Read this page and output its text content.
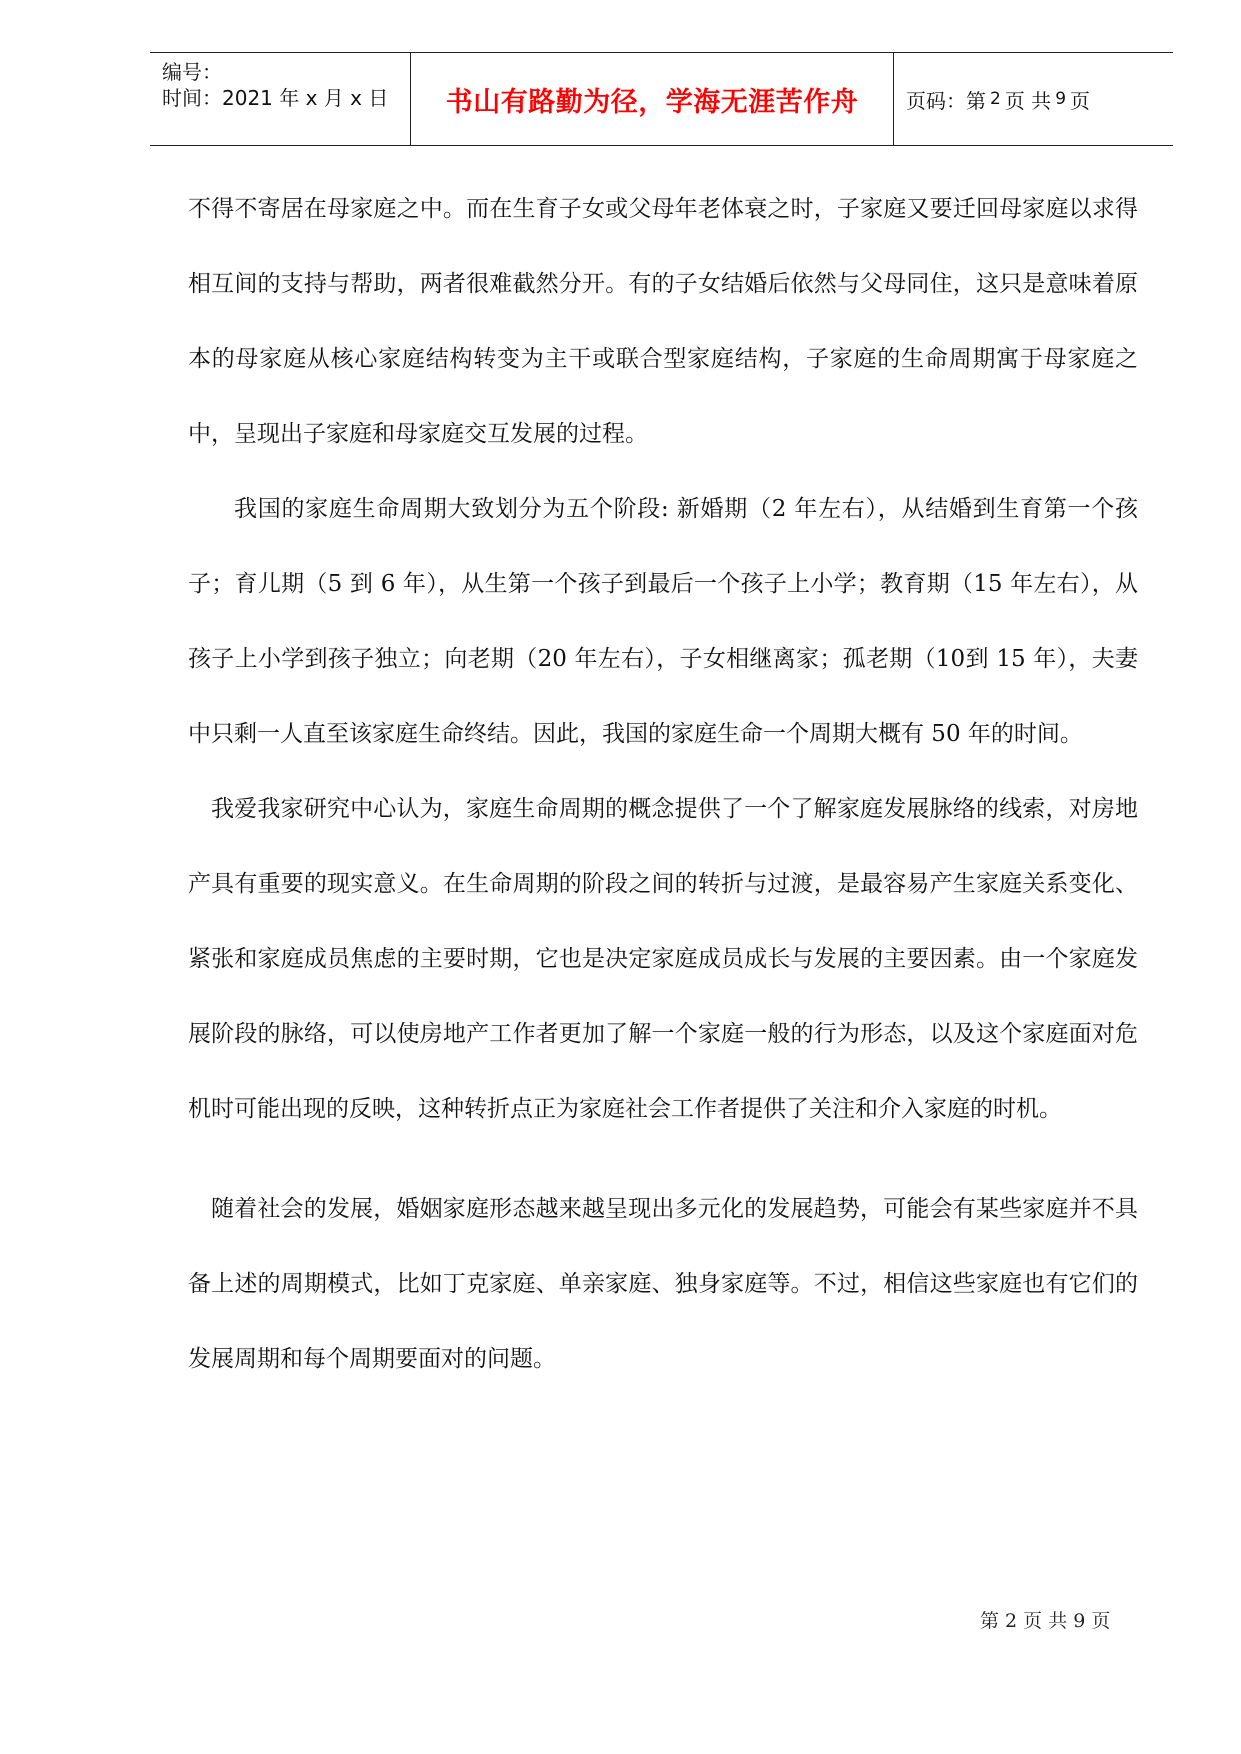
编号：
时间：2021 年 x 月 x 日	书山有路勤为径，学海无涯苦作舟 页码：第 2 页 共 9 页

不得不寄居在母家庭之中。而在生育子女或父母年老体衰之时，子家庭又要迁回母家庭以求得相互间的支持与帮助，两者很难截然分开。有的子女结婚后依然与父母同住，这只是意味着原本的母家庭从核心家庭结构转变为主干或联合型家庭结构，子家庭的生命周期寓于母家庭之中，呈现出子家庭和母家庭交互发展的过程。

我国的家庭生命周期大致划分为五个阶段: 新婚期（2 年左右），从结婚到生育第一个孩子；育儿期（5 到 6 年），从生第一个孩子到最后一个孩子上小学；教育期（15 年左右），从孩子上小学到孩子独立；向老期（20 年左右），子女相继离家；孤老期（10到 15 年），夫妻中只剩一人直至该家庭生命终结。因此，我国的家庭生命一个周期大概有 50 年的时间。

我爱我家研究中心认为，家庭生命周期的概念提供了一个了解家庭发展脉络的线索，对房地产具有重要的现实意义。在生命周期的阶段之间的转折与过渡，是最容易产生家庭关系变化、紧张和家庭成员焦虑的主要时期，它也是决定家庭成员成长与发展的主要因素。由一个家庭发展阶段的脉络，可以使房地产工作者更加了解一个家庭一般的行为形态，以及这个家庭面对危机时可能出现的反映，这种转折点正为家庭社会工作者提供了关注和介入家庭的时机。

随着社会的发展，婚姻家庭形态越来越呈现出多元化的发展趋势，可能会有某些家庭并不具备上述的周期模式，比如丁克家庭、单亲家庭、独身家庭等。不过，相信这些家庭也有它们的发展周期和每个周期要面对的问题。

第 2 页 共 9 页
